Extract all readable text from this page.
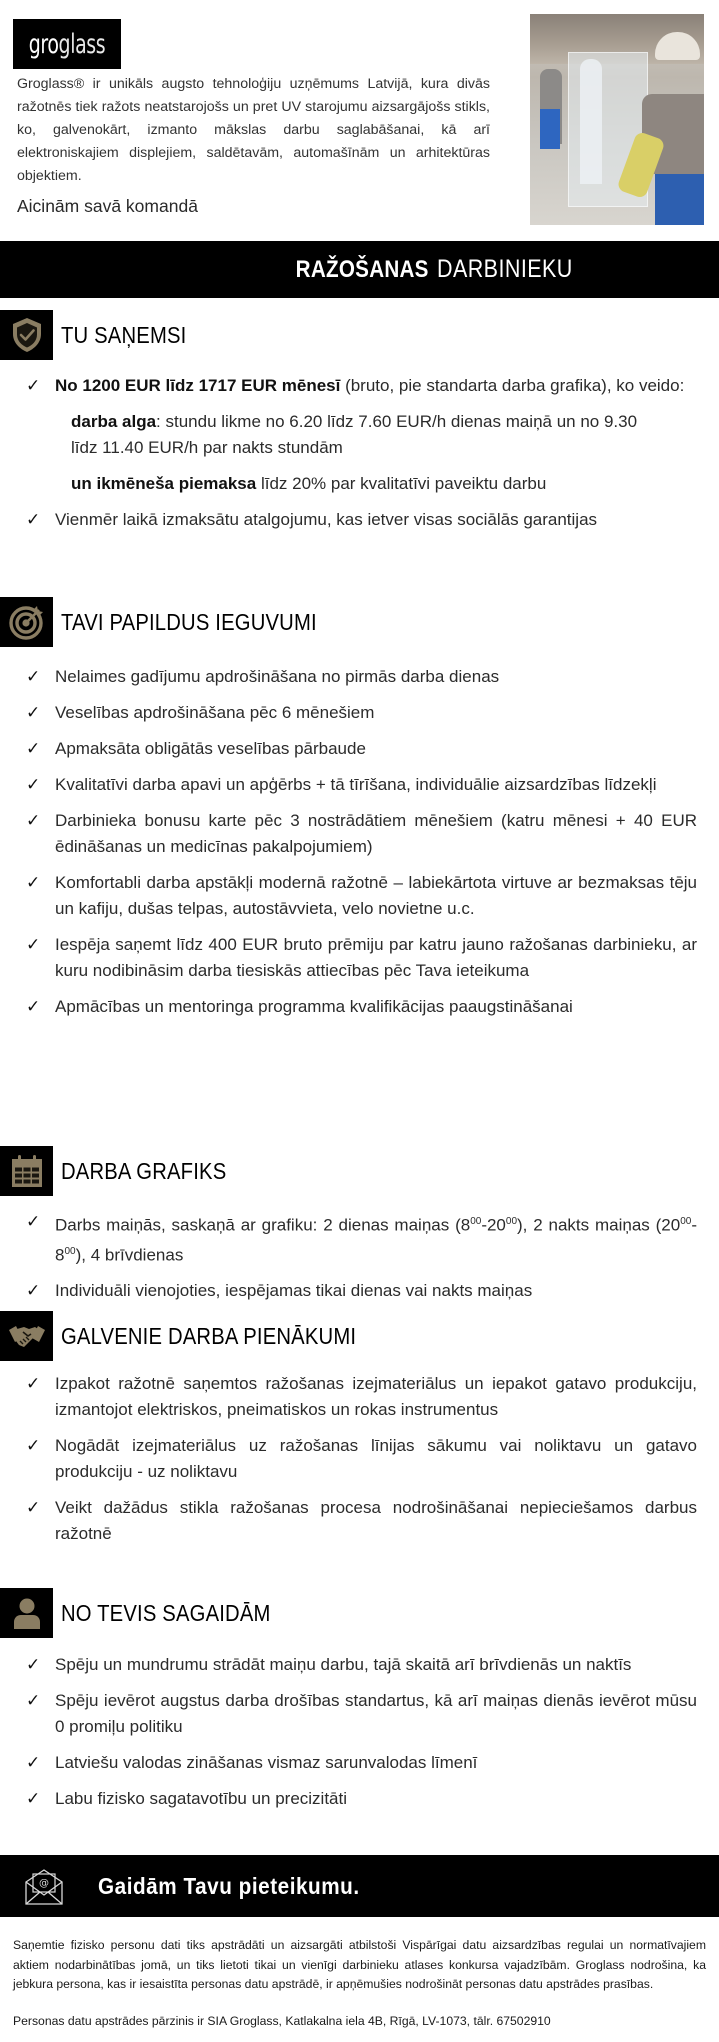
groglass

Groglass® ir unikāls augsto tehnoloģiju uzņēmums Latvijā, kura divās ražotnēs tiek ražots neatstarojošs un pret UV starojumu aizsargājošs stikls, ko, galvenokārt, izmanto mākslas darbu saglabāšanai, kā arī elektroniskajiem displejiem, saldētavām, automašīnām un arhitektūras objektiem.

Aicinām savā komandā
RAŽOŠANAS DARBINIEKU
TU SAŅEMSI
✓ No 1200 EUR līdz 1717 EUR mēnesī (bruto, pie standarta darba grafika), ko veido:
darba alga: stundu likme no 6.20 līdz 7.60 EUR/h dienas maiņā un no 9.30 līdz 11.40 EUR/h par nakts stundām
un ikmēneša piemaksa līdz 20% par kvalitatīvi paveiktu darbu
✓ Vienmēr laikā izmaksātu atalgojumu, kas ietver visas sociālās garantijas
TAVI PAPILDUS IEGUVUMI
✓ Nelaimes gadījumu apdrošināšana no pirmās darba dienas
✓ Veselības apdrošināšana pēc 6 mēnešiem
✓ Apmaksāta obligātās veselības pārbaude
✓ Kvalitatīvi darba apavi un apģērbs + tā tīrīšana, individuālie aizsardzības līdzekļi
✓ Darbinieka bonusu karte pēc 3 nostrādātiem mēnešiem (katru mēnesi + 40 EUR ēdināšanas un medicīnas pakalpojumiem)
✓ Komfortabli darba apstākļi modernā ražotnē – labiekārtota virtuve ar bezmaksas tēju un kafiju, dušas telpas, autostāvvieta, velo novietne u.c.
✓ Iespēja saņemt līdz 400 EUR bruto prēmiju par katru jauno ražošanas darbinieku, ar kuru nodibināsim darba tiesiskās attiecības pēc Tava ieteikuma
✓ Apmācības un mentoringa programma kvalifikācijas paaugstināšanai
DARBA GRAFIKS
✓ Darbs maiņās, saskaņā ar grafiku: 2 dienas maiņas $(8^{00}-20^{00})$, 2 nakts maiņas $(20^{00}-8^{00})$, 4 brīvdienas
✓ Individuāli vienojoties, iespējamas tikai dienas vai nakts maiņas
GALVENIE DARBA PIENĀKUMI
✓ Izpakot ražotnē saņemtos ražošanas izejmateriālus un iepakot gatavo produkciju, izmantojot elektriskos, pneimatiskos un rokas instrumentus
✓ Nogādāt izejmateriālus uz ražošanas līnijas sākumu vai noliktavu un gatavo produkciju - uz noliktavu
✓ Veikt dažādus stikla ražošanas procesa nodrošināšanai nepieciešamos darbus ražotnē
NO TEVIS SAGAIDĀM
✓ Spēju un mundrumu strādāt maiņu darbu, tajā skaitā arī brīvdienās un naktīs
✓ Spēju ievērot augstus darba drošības standartus, kā arī maiņas dienās ievērot mūsu 0 promiļu politiku
✓ Latviešu valodas zināšanas vismaz sarunvalodas līmenī
✓ Labu fizisko sagatavotību un precizitāti
@ Gaidām Tavu pieteikumu.

Saņemtie fizisko personu dati tiks apstrādāti un aizsargāti atbilstoši Vispārīgai datu aizsardzības regulai un normatīvajiem aktiem nodarbinātības jomā, un tiks lietoti tikai un vienīgi darbinieku atlases konkursa vajadzībām. Groglass nodrošina, ka jebkura persona, kas ir iesaistīta personas datu apstrādē, ir apņēmušies nodrošināt personas datu apstrādes prasības.

Personas datu apstrādes pārzinis ir SIA Groglass, Katlakalna iela 4B, Rīgā, LV-1073, tālr. 67502910
